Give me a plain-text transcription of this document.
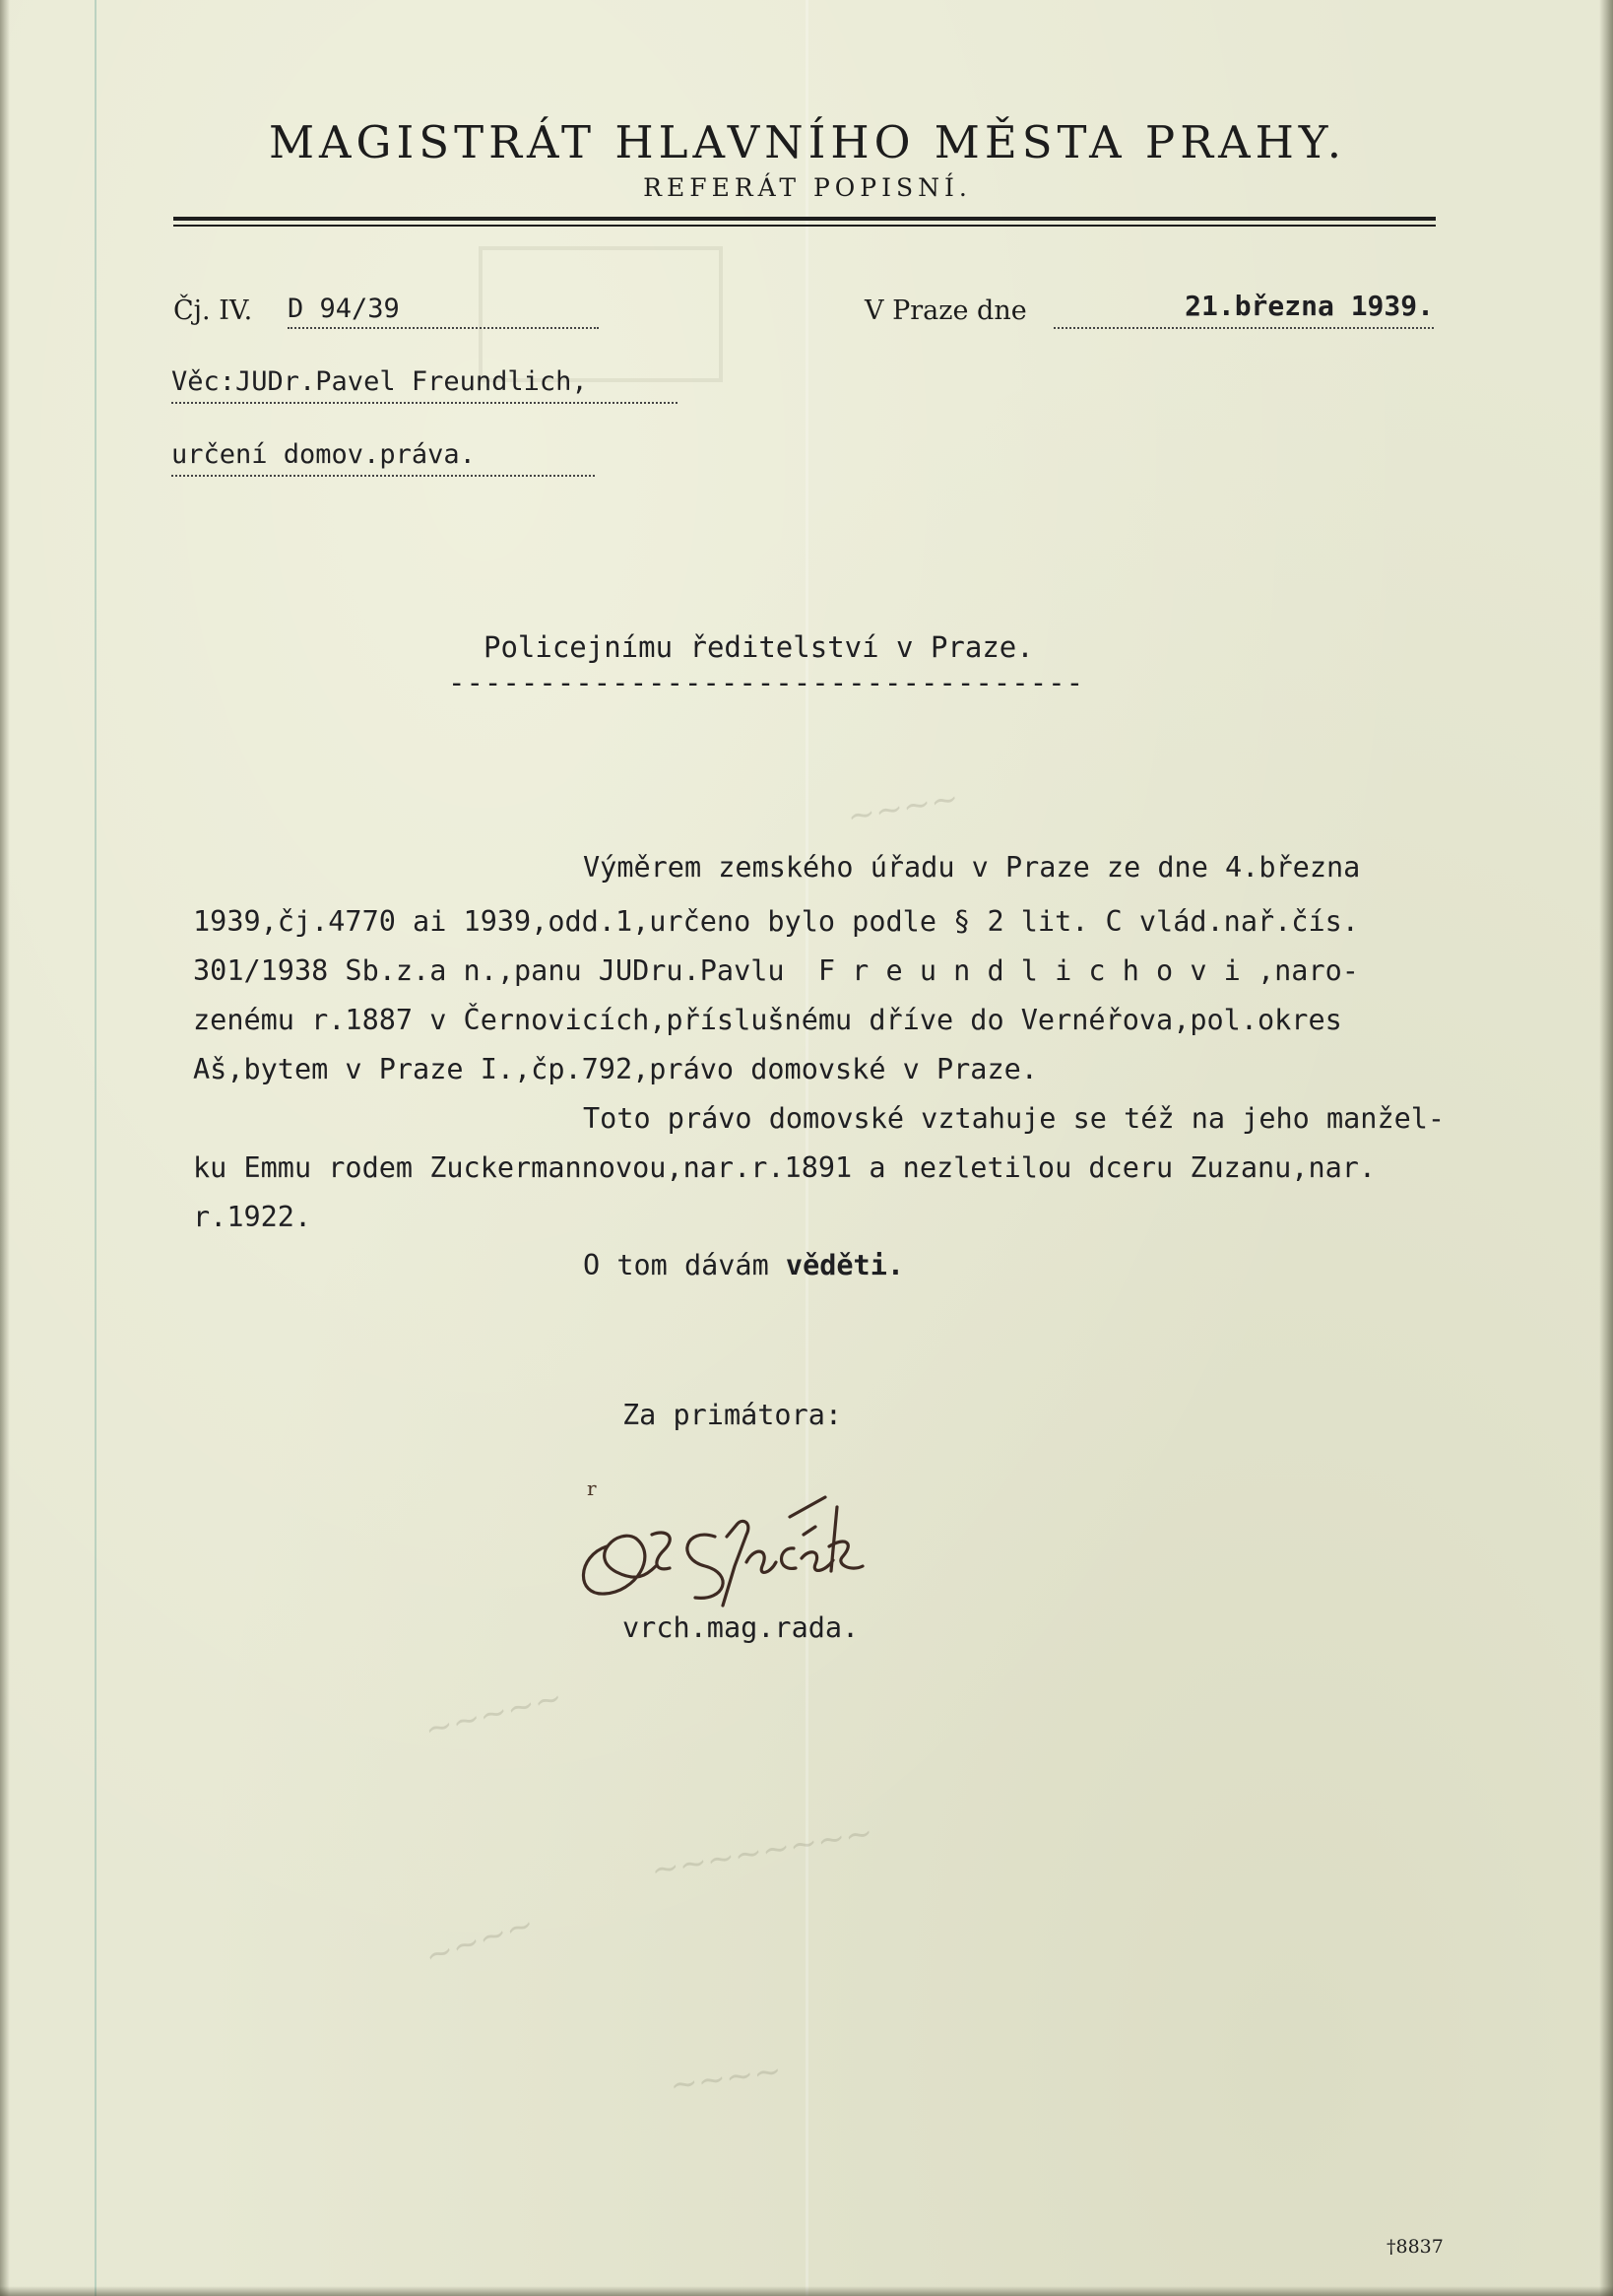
MAGISTRÁT HLAVNÍHO MĚSTA PRAHY.
REFERÁT POPISNÍ.
Čj. IV. D 94/39	V Praze dne	21.března 1939.
Věc:JUDr.Pavel Freundlich,
určení domov.práva.
Policejnímu ředitelství v Praze.
-----------------------------------
Výměrem zemského úřadu v Praze ze dne 4.března
1939,čj.4770 ai 1939,odd.1,určeno bylo podle § 2 lit. C vlád.nař.čís.
301/1938 Sb.z.a n.,panu JUDru.Pavlu  F r e u n d l i c h o v i ,naro-
zenému r.1887 v Černovicích,příslušnému dříve do Vernéřova,pol.okres
Aš,bytem v Praze I.,čp.792,právo domovské v Praze.
Toto právo domovské vztahuje se též na jeho manžel-
ku Emmu rodem Zuckermannovou,nar.r.1891 a nezletilou dceru Zuzanu,nar.
r.1922.
O tom dávám věděti.
Za primátora:
r
vrch.mag.rada.
~~~~
~~~~~
~~~~~~~~
~~~~
~~~~
†8837
